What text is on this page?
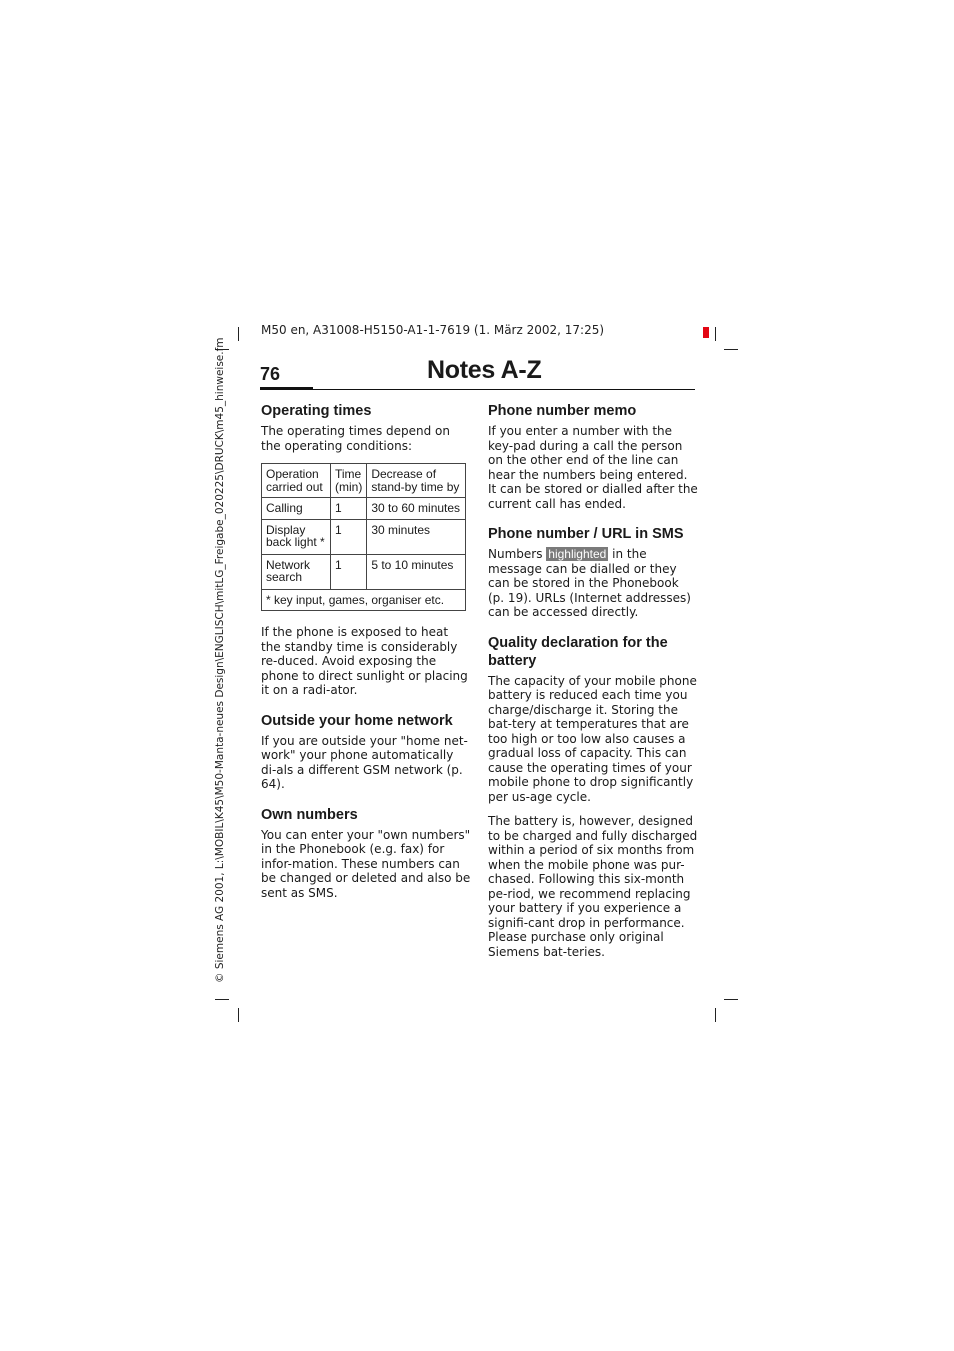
M50 en, A31008-H5150-A1-1-7619 (1. März 2002, 17:25)
© Siemens AG 2001, L:\MOBIL\K45\M50-Manta-neues Design\ENGLISCH\mitLG_Freigabe_020225\DRUCK\m45_hinweise.fm 76	Notes A-Z
Operating times

The operating times depend on the operating conditions:

Operation carried out	Time (min)	Decrease of stand-by time by
Calling	1	30 to 60 minutes
Display back light *	1	30 minutes
Network search	1	5 to 10 minutes
* key input, games, organiser etc.		

If the phone is exposed to heat the standby time is considerably re-duced. Avoid exposing the phone to direct sunlight or placing it on a radi-ator.

Outside your home network

If you are outside your "home net-work" your phone automatically di-als a different GSM network (p. 64).

Own numbers

You can enter your "own numbers" in the Phonebook (e.g. fax) for infor-mation. These numbers can be changed or deleted and also be sent as SMS.

Phone number memo

If you enter a number with the key-pad during a call the person on the other end of the line can hear the numbers being entered. It can be stored or dialled after the current call has ended.

Phone number / URL in SMS

Numbers highlighted in the message can be dialled or they can be stored in the Phonebook (p. 19). URLs (Internet addresses) can be accessed directly.

Quality declaration for the battery

The capacity of your mobile phone battery is reduced each time you charge/discharge it. Storing the bat-tery at temperatures that are too high or too low also causes a gradual loss of capacity. This can cause the operating times of your mobile phone to drop significantly per us-age cycle.

The battery is, however, designed to be charged and fully discharged within a period of six months from when the mobile phone was pur-chased. Following this six-month pe-riod, we recommend replacing your battery if you experience a signifi-cant drop in performance. Please purchase only original Siemens bat-teries.
